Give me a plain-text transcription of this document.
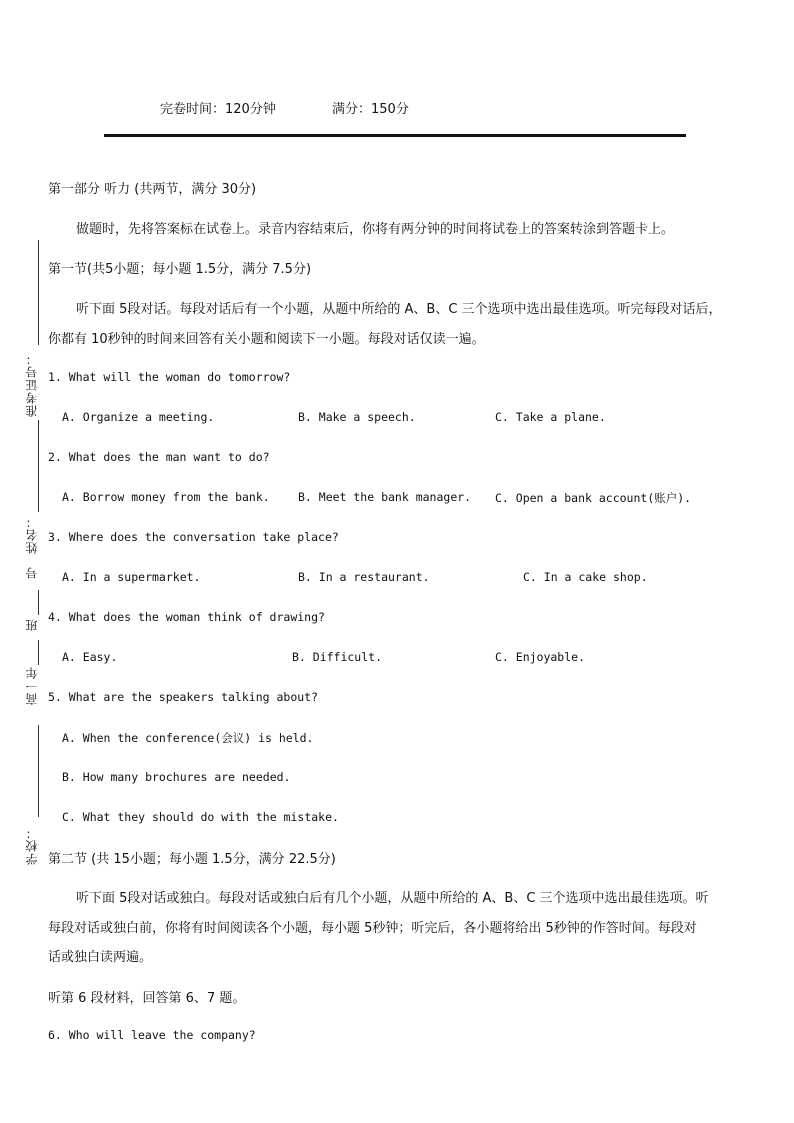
完卷时间：120分钟	满分：150分
准考证号：
姓名：
号
班
高一年
学校：
第一部分 听力 (共两节，满分 30分)
做题时，先将答案标在试卷上。录音内容结束后，你将有两分钟的时间将试卷上的答案转涂到答题卡上。
第一节(共5小题；每小题 1.5分，满分 7.5分)
听下面 5段对话。每段对话后有一个小题，从题中所给的 A、B、C 三个选项中选出最佳选项。听完每段对话后，
你都有 10秒钟的时间来回答有关小题和阅读下一小题。每段对话仅读一遍。
1. What will the woman do tomorrow?
A. Organize a meeting.	B. Make a speech.	C. Take a plane.
2. What does the man want to do?
A. Borrow money from the bank. B. Meet the bank manager. C. Open a bank account(账户).
3. Where does the conversation take place?
A. In a supermarket.	B. In a restaurant.	C. In a cake shop.
4. What does the woman think of drawing?
A. Easy.	B. Difficult.	C. Enjoyable.
5. What are the speakers talking about?
A. When the conference(会议) is held.
B. How many brochures are needed.
C. What they should do with the mistake.
第二节 (共 15小题；每小题 1.5分，满分 22.5分)
听下面 5段对话或独白。每段对话或独白后有几个小题，从题中所给的 A、B、C 三个选项中选出最佳选项。听
每段对话或独白前，你将有时间阅读各个小题，每小题 5秒钟；听完后，各小题将给出 5秒钟的作答时间。每段对
话或独白读两遍。
听第 6 段材料，回答第 6、7 题。
6. Who will leave the company?
